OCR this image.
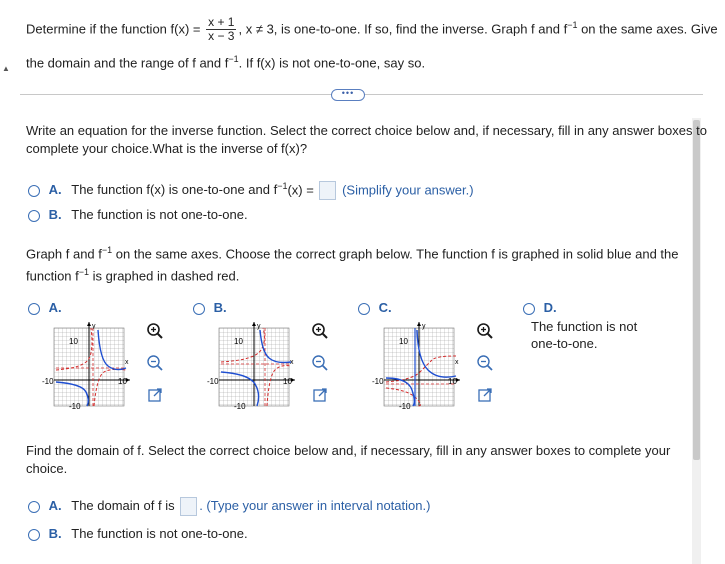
▲
Determine if the function $f(x) = \frac{x + 1}{x - 3}$ , x ≠ 3, is one-to-one. If so, find the inverse. Graph f and $f^{-1}$ on the same axes. Give
the domain and the range of f and $f^{-1}$. If f(x) is not one-to-one, say so.
•••
Write an equation for the inverse function. Select the correct choice below and, if necessary, fill in any answer boxes to
complete your choice.What is the inverse of f(x)?
A. The function f(x) is one-to-one and $f^{-1}(x)$ = (Simplify your answer.)
B. The function is not one-to-one.
Graph f and $f^{-1}$ on the same axes. Choose the correct graph below. The function f is graphed in solid blue and the
function $f^{-1}$ is graphed in dashed red.
A.
y
x
10
-10
-10	10
B.
y
x
10
-10
-10	10
C.
y
x
10
-10
-10	10
D.
The function is not
one-to-one.
Find the domain of f. Select the correct choice below and, if necessary, fill in any answer boxes to complete your
choice.
A. The domain of f is . (Type your answer in interval notation.)
B. The function is not one-to-one.
